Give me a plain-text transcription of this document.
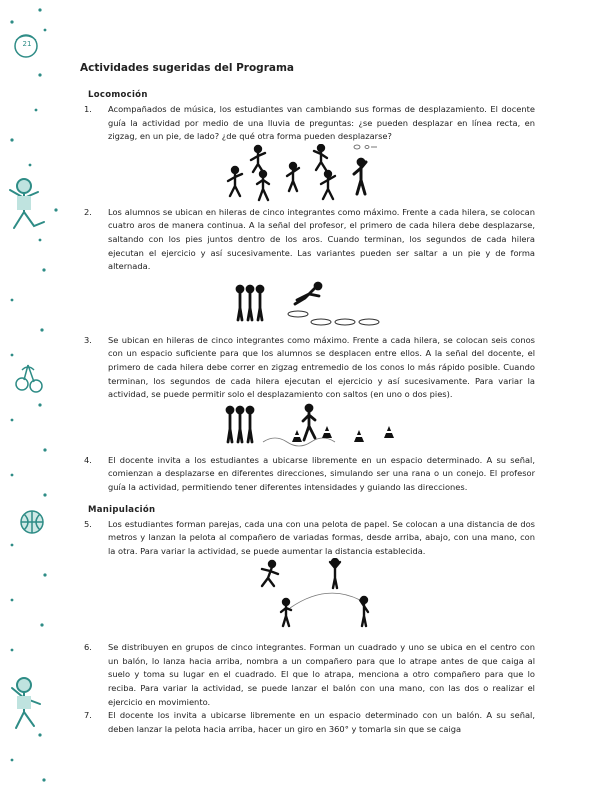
21
Actividades sugeridas del Programa
Locomoción
1.	Acompañados de música, los estudiantes van cambiando sus formas de desplazamiento. El docente guía la actividad por medio de una lluvia de preguntas: ¿se pueden desplazar en línea recta, en zigzag, en un pie, de lado? ¿de qué otra forma pueden desplazarse?
2.	Los alumnos se ubican en hileras de cinco integrantes como máximo. Frente a cada hilera, se colocan cuatro aros de manera continua. A la señal del profesor, el primero de cada hilera debe desplazarse, saltando con los pies juntos dentro de los aros. Cuando terminan, los segundos de cada hilera ejecutan el ejercicio y así sucesivamente. Las variantes pueden ser saltar a un pie y de forma alternada.
3.	Se ubican en hileras de cinco integrantes como máximo. Frente a cada hilera, se colocan seis conos con un espacio suficiente para que los alumnos se desplacen entre ellos. A la señal del docente, el primero de cada hilera debe correr en zigzag entremedio de los conos lo más rápido posible. Cuando terminan, los segundos de cada hilera ejecutan el ejercicio y así sucesivamente. Para variar la actividad, se puede permitir solo el desplazamiento con saltos (en uno o dos pies).
4.	El docente invita a los estudiantes a ubicarse libremente en un espacio determinado. A su señal, comienzan a desplazarse en diferentes direcciones, simulando ser una rana o un conejo. El profesor guía la actividad, permitiendo tener diferentes intensidades y guiando las direcciones.
Manipulación
5.	Los estudiantes forman parejas, cada una con una pelota de papel. Se colocan a una distancia de dos metros y lanzan la pelota al compañero de variadas formas, desde arriba, abajo, con una mano, con la otra. Para variar la actividad, se puede aumentar la distancia establecida.
6.	Se distribuyen en grupos de cinco integrantes. Forman un cuadrado y uno se ubica en el centro con un balón, lo lanza hacia arriba, nombra a un compañero para que lo atrape antes de que caiga al suelo y toma su lugar en el cuadrado. El que lo atrapa, menciona a otro compañero para que lo reciba. Para variar la actividad, se puede lanzar el balón con una mano, con las dos o realizar el ejercicio en movimiento.
7.	El docente los invita a ubicarse libremente en un espacio determinado con un balón. A su señal, deben lanzar la pelota hacia arriba, hacer un giro en 360° y tomarla sin que se caiga
